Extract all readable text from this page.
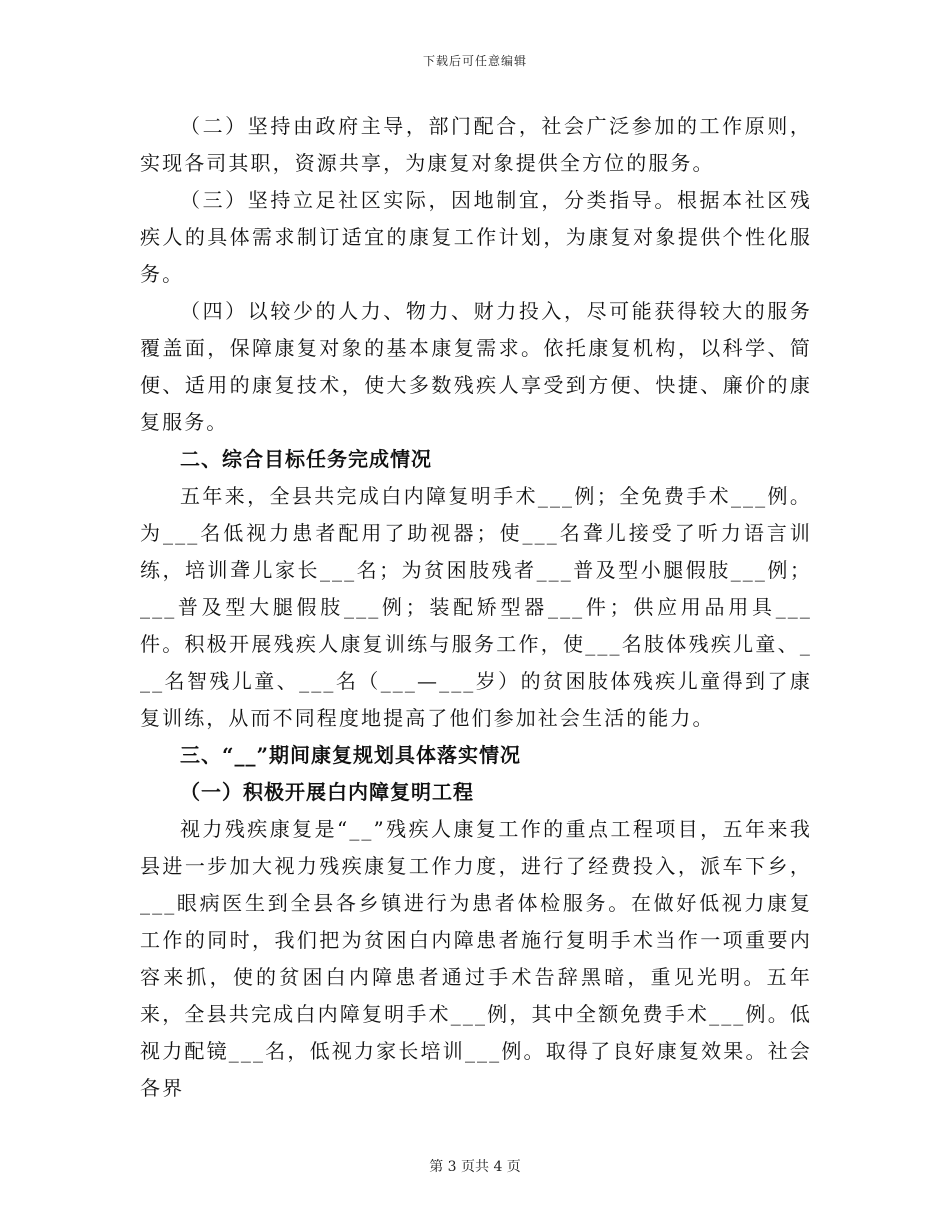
下载后可任意编辑

（二）坚持由政府主导，部门配合，社会广泛参加的工作原则，实现各司其职，资源共享，为康复对象提供全方位的服务。

（三）坚持立足社区实际，因地制宜，分类指导。根据本社区残疾人的具体需求制订适宜的康复工作计划，为康复对象提供个性化服务。

（四）以较少的人力、物力、财力投入，尽可能获得较大的服务覆盖面，保障康复对象的基本康复需求。依托康复机构，以科学、简便、适用的康复技术，使大多数残疾人享受到方便、快捷、廉价的康复服务。

二、综合目标任务完成情况

五年来，全县共完成白内障复明手术___例；全免费手术___例。为___名低视力患者配用了助视器；使___名聋儿接受了听力语言训练，培训聋儿家长___名；为贫困肢残者___普及型小腿假肢___例；___普及型大腿假肢___例；装配矫型器___件；供应用品用具___件。积极开展残疾人康复训练与服务工作，使___名肢体残疾儿童、___名智残儿童、___名（___—___岁）的贫困肢体残疾儿童得到了康复训练，从而不同程度地提高了他们参加社会生活的能力。

三、“__”期间康复规划具体落实情况

（一）积极开展白内障复明工程

视力残疾康复是“__”残疾人康复工作的重点工程项目，五年来我县进一步加大视力残疾康复工作力度，进行了经费投入，派车下乡，___眼病医生到全县各乡镇进行为患者体检服务。在做好低视力康复工作的同时，我们把为贫困白内障患者施行复明手术当作一项重要内容来抓，使的贫困白内障患者通过手术告辞黑暗，重见光明。五年来，全县共完成白内障复明手术___例，其中全额免费手术___例。低视力配镜___名，低视力家长培训___例。取得了良好康复效果。社会各界

第 3 页共 4 页
